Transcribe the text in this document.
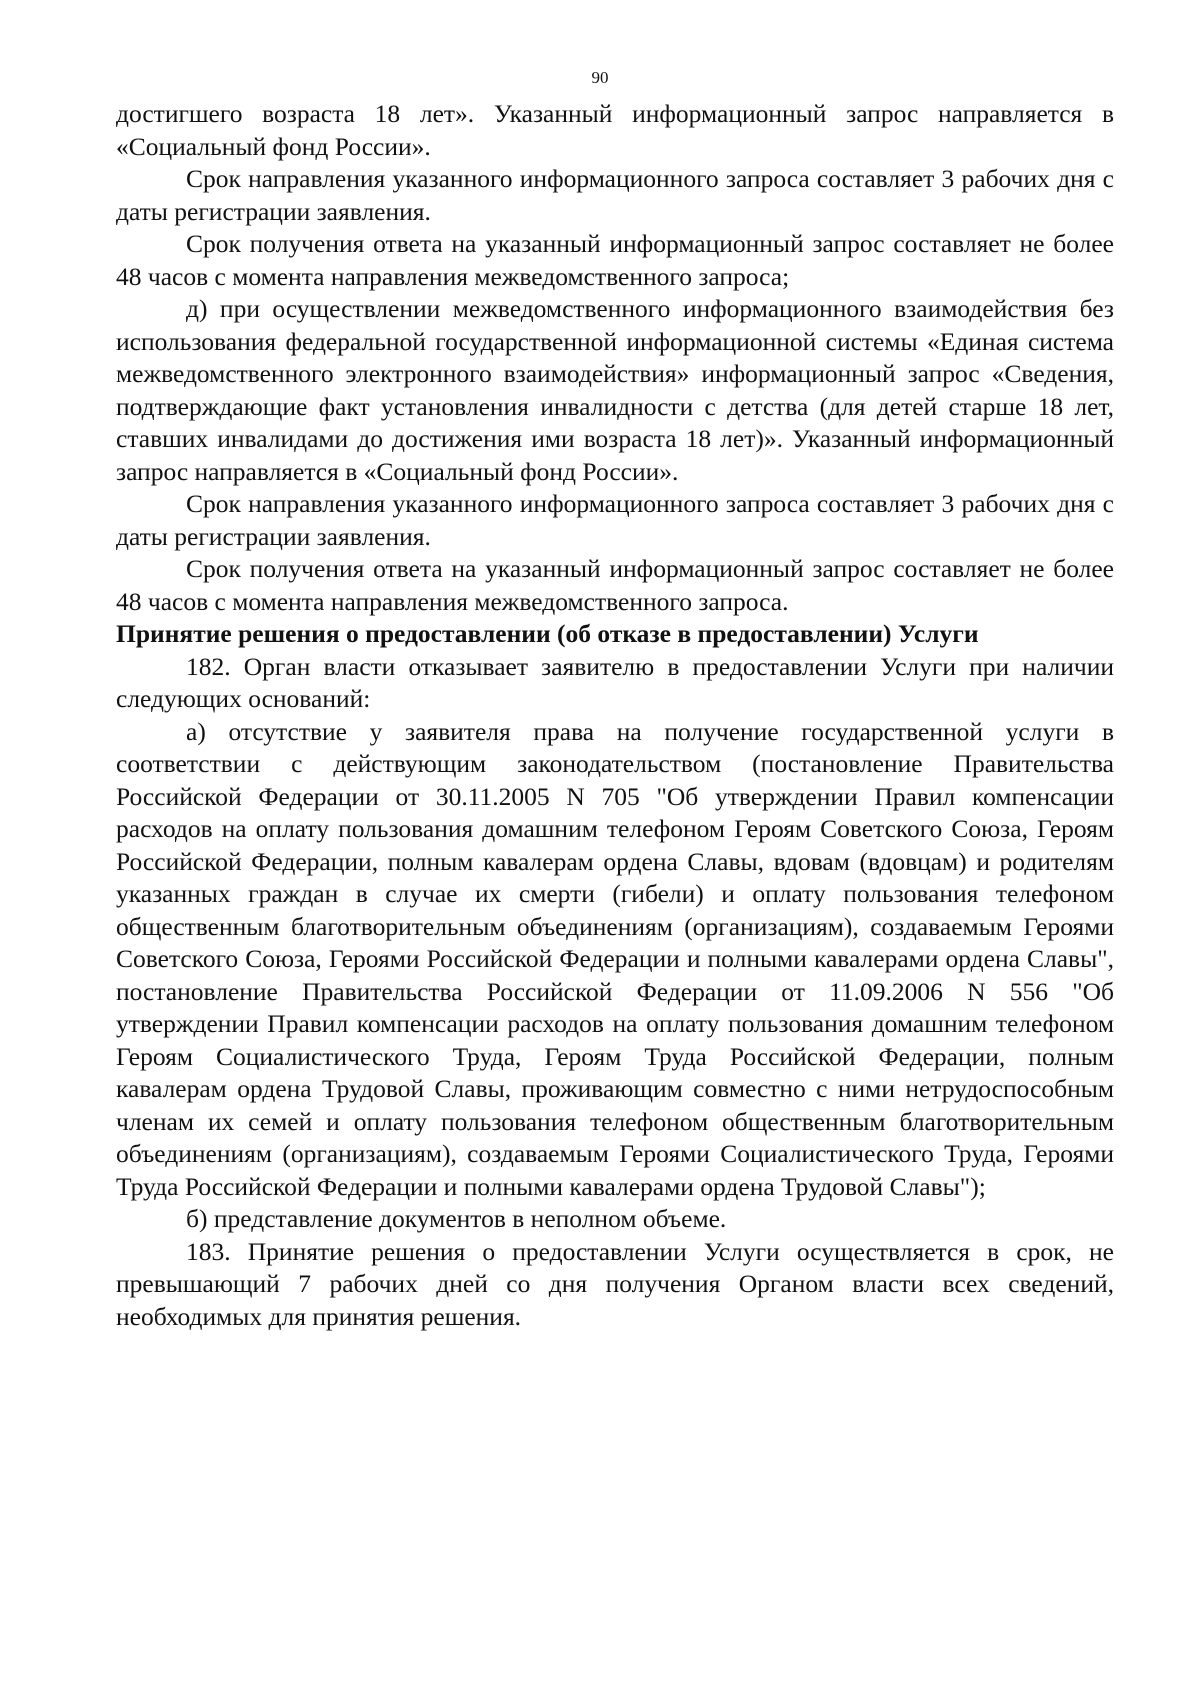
90

достигшего возраста 18 лет». Указанный информационный запрос направляется в «Социальный фонд России».

Срок направления указанного информационного запроса составляет 3 рабочих дня с даты регистрации заявления.

Срок получения ответа на указанный информационный запрос составляет не более 48 часов с момента направления межведомственного запроса;

д) при осуществлении межведомственного информационного взаимодействия без использования федеральной государственной информационной системы «Единая система межведомственного электронного взаимодействия» информационный запрос «Сведения, подтверждающие факт установления инвалидности с детства (для детей старше 18 лет, ставших инвалидами до достижения ими возраста 18 лет)». Указанный информационный запрос направляется в «Социальный фонд России».

Срок направления указанного информационного запроса составляет 3 рабочих дня с даты регистрации заявления.

Срок получения ответа на указанный информационный запрос составляет не более 48 часов с момента направления межведомственного запроса.

Принятие решения о предоставлении (об отказе в предоставлении) Услуги

182. Орган власти отказывает заявителю в предоставлении Услуги при наличии следующих оснований:

а) отсутствие у заявителя права на получение государственной услуги в соответствии с действующим законодательством (постановление Правительства Российской Федерации от 30.11.2005 N 705 "Об утверждении Правил компенсации расходов на оплату пользования домашним телефоном Героям Советского Союза, Героям Российской Федерации, полным кавалерам ордена Славы, вдовам (вдовцам) и родителям указанных граждан в случае их смерти (гибели) и оплату пользования телефоном общественным благотворительным объединениям (организациям), создаваемым Героями Советского Союза, Героями Российской Федерации и полными кавалерами ордена Славы", постановление Правительства Российской Федерации от 11.09.2006 N 556 "Об утверждении Правил компенсации расходов на оплату пользования домашним телефоном Героям Социалистического Труда, Героям Труда Российской Федерации, полным кавалерам ордена Трудовой Славы, проживающим совместно с ними нетрудоспособным членам их семей и оплату пользования телефоном общественным благотворительным объединениям (организациям), создаваемым Героями Социалистического Труда, Героями Труда Российской Федерации и полными кавалерами ордена Трудовой Славы");

б) представление документов в неполном объеме.

183. Принятие решения о предоставлении Услуги осуществляется в срок, не превышающий 7 рабочих дней со дня получения Органом власти всех сведений, необходимых для принятия решения.
